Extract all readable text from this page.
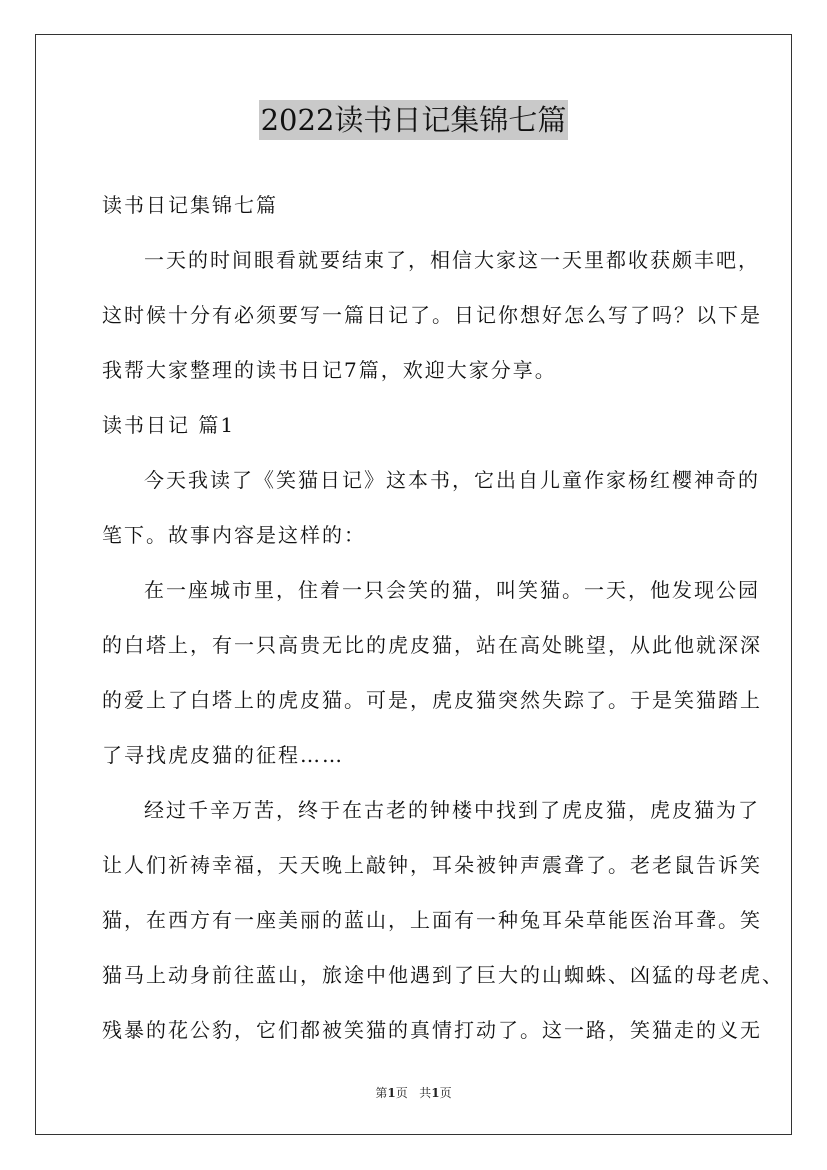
2022读书日记集锦七篇
读书日记集锦七篇
一天的时间眼看就要结束了，相信大家这一天里都收获颇丰吧，
这时候十分有必须要写一篇日记了。日记你想好怎么写了吗？以下是
我帮大家整理的读书日记7篇，欢迎大家分享。
读书日记 篇1
今天我读了《笑猫日记》这本书，它出自儿童作家杨红樱神奇的
笔下。故事内容是这样的：
在一座城市里，住着一只会笑的猫，叫笑猫。一天，他发现公园
的白塔上，有一只高贵无比的虎皮猫，站在高处眺望，从此他就深深
的爱上了白塔上的虎皮猫。可是，虎皮猫突然失踪了。于是笑猫踏上
了寻找虎皮猫的征程……
经过千辛万苦，终于在古老的钟楼中找到了虎皮猫，虎皮猫为了
让人们祈祷幸福，天天晚上敲钟，耳朵被钟声震聋了。老老鼠告诉笑
猫，在西方有一座美丽的蓝山，上面有一种兔耳朵草能医治耳聋。笑
猫马上动身前往蓝山，旅途中他遇到了巨大的山蜘蛛、凶猛的母老虎、
残暴的花公豹，它们都被笑猫的真情打动了。这一路，笑猫走的义无
第1页 共1页
